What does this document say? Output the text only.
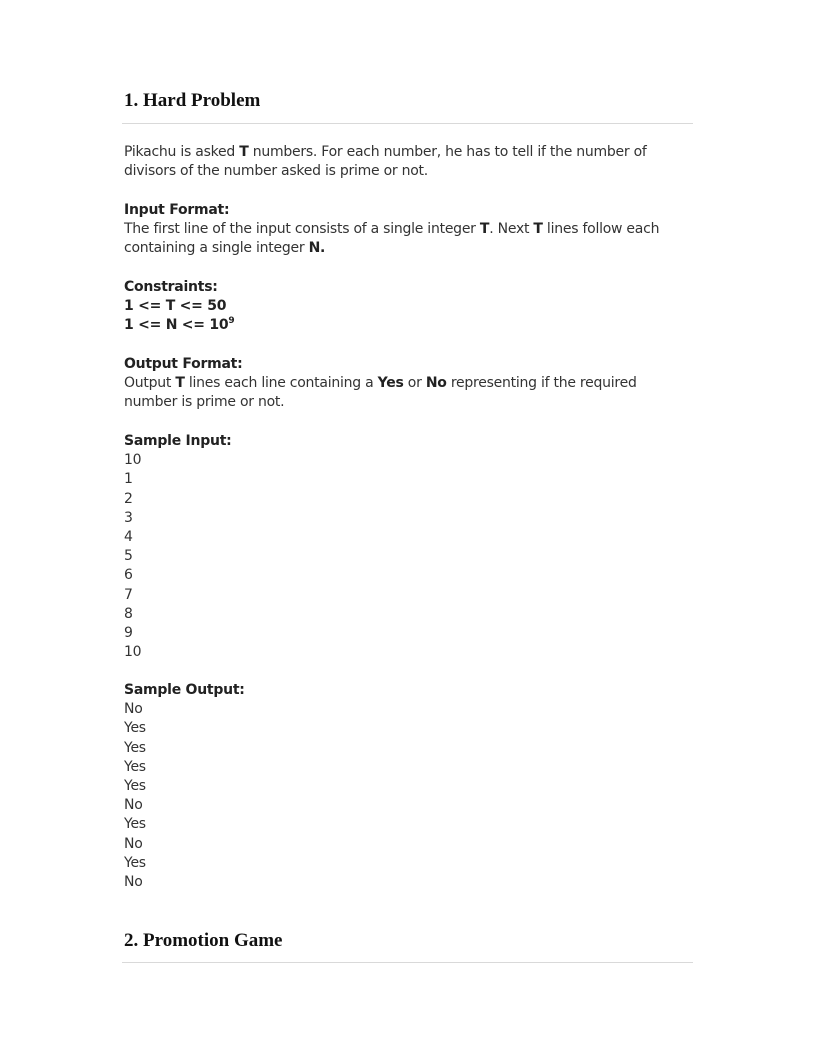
1. Hard Problem

Pikachu is asked T numbers. For each number, he has to tell if the number of divisors of the number asked is prime or not.

Input Format:

The first line of the input consists of a single integer T. Next T lines follow each containing a single integer N.

Constraints:
1 <= T <= 50
$1 <= N <= 10^9$
Output Format:

Output T lines each line containing a Yes or No representing if the required number is prime or not.

Sample Input:
10
1
2
3
4
5
6
7
8
9
10
Sample Output:
No
Yes
Yes
Yes
Yes
No
Yes
No
Yes
No
2. Promotion Game
